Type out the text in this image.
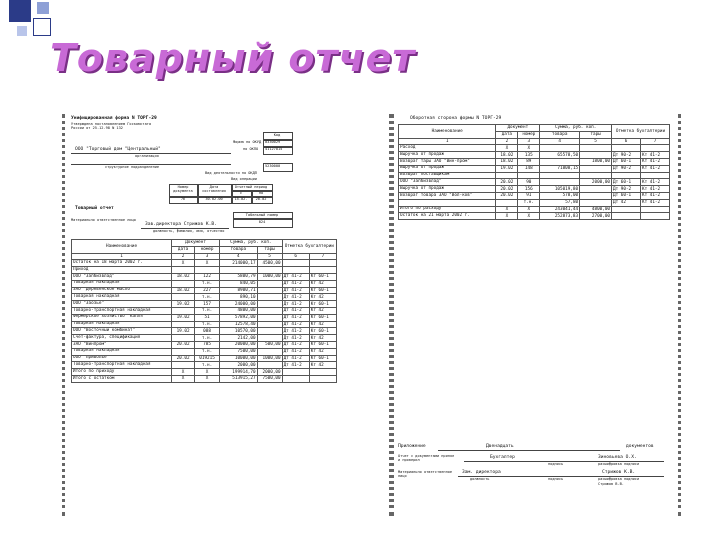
Товарный отчет
Унифицированная форма N ТОРГ-29
Утверждена постановлением Госкомстата
России от 25.12.98 N 132
Код
0330029
Форма по ОКУД
41127815
по ОКПО
ООО "Торговый дом "Центральный"
организация
структурное подразделение	5230000
Вид деятельности по ОКДП
Вид операции
Номер документа
Дата составления
Отчетный период
с	по
76	30.02.00	15.02.	20.02
Товарный отчет
Табельный номер
Материально ответственное лицо	024
Зав.директора Стрижов К.В.
должность, фамилия, имя, отчество
Наименование	Документ		Сумма, руб. коп.		Отметка бухгалтерии	
	дата	номер	товара	тары		
1	2	3	4	5	6	7
Остаток на 18 марта 2002 г.	X	X	214000,17	4500,00		
Приход						
ООО "Запбизвлад"	18.02	122	5800,79	1000,00	Дт 41-2	Кт 60-1
Товарная накладная		т.н.	840,05		Дт 41-2	Кт 42
ЗАО "Деревенское масло"	18.02	227	8900,71		Дт 41-2	Кт 60-1
Товарная накладная		т.н.	890,10		Дт 41-2	Кт 42
ООО "Заозье"	19.02	157	24000,00		Дт 41-2	Кт 60-1
Товарно-транспортная накладная		т.н.	4800,00		Дт 41-2	Кт 42
Фермерское хозяйство "Капля"	19.02	51	57892,00		Дт 41-2	Кт 60-1
Товарная накладная		т.н.	12578,40		Дт 41-2	Кт 42
ООО "Восточный комбинат"	19.02	088	10570,00		Дт 41-2	Кт 60-1
Счет-фактура, спецификация		т.н.	2142,00		Дт 41-2	Кт 42
ЗАО "Винпром"	20.02	785	20000,00	500,00	Дт 41-2	Кт 60-1
Товарная накладная		т.н.	7500,00		Дт 41-2	Кт 42
ООО "Приволье"	20.02	019215	10000,00	1000,00	Дт 41-2	Кт 60-1
Товарно-транспортная накладная		т.н.	2000,00		Дт 41-2	Кт 42
Итого по приходу	X	X	199914,70	2000,00		
Итого с остатком	X	X	513915,27	7500,00		
Оборотная сторона формы N ТОРГ-29
Наименование	Документ		Сумма, руб. коп.		Отметка бухгалтерии	
	дата	номер	товара	тары		
1	2	3	4	5	6	7
Расход	X	X				
Выручка от продаж	18.02	135	65578,50		Дт 90-2	Кт 41-2
Возврат тары ЗАО "Вин-пром"	18.02	89		1800,00	Дт 60-1	Кт 41-2
Выручка от продаж	19.02	148	71808,15		Дт 90-2	Кт 41-2
Возврат поставщикам						
ООО "Запбизвлад"	20.02	90		2000,00	Дт 60-1	Кт 41-2
Выручка от продаж	20.02	156	105019,80		Дт 90-2	Кт 41-2
Возврат товара ЗАО "Вол-ков"	20.02	91	578,00		Дт 60-1	Кт 41-2
		т.н.	57,80		Дт 42	Кт 41-2
Итого по расходу	X	X	243041,44	4800,00		
Остаток на 21 марта 2002 г.	X	X	252873,83	2700,00		
Приложение	Двенадцать	документов
Отчет с документами принял и проверил	Бухгалтер	Зиновьева О.Х.
подпись	расшифровка подписи
Материально ответственное лицо
Зам. директора	Стрижов К.В.
должность	подпись	расшифровка подписи
Стрижов В.В.
